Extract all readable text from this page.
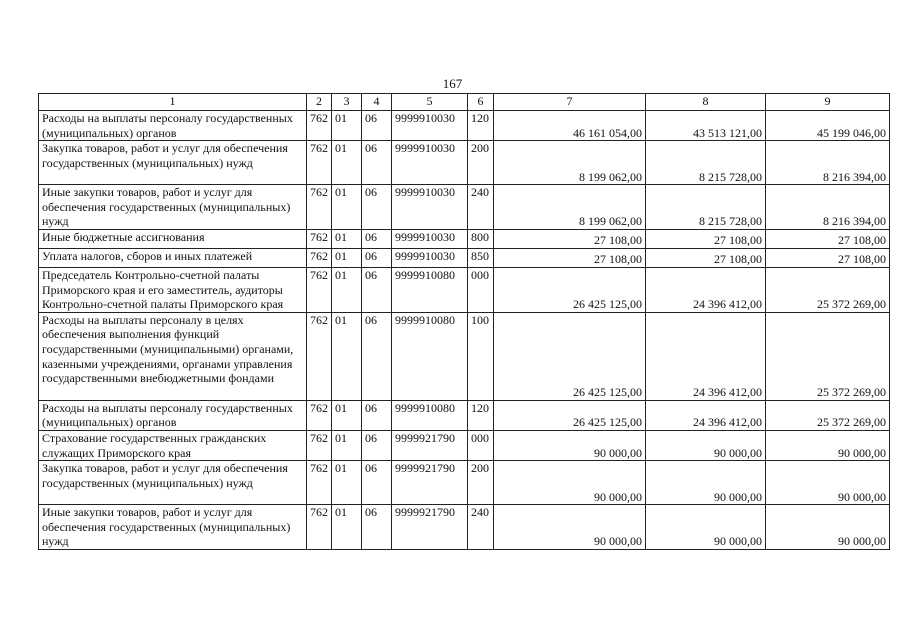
167
1	2	3	4	5	6	7	8	9
Расходы на выплаты персоналу государственных (муниципальных) органов	762	01	06	9999910030	120	46 161 054,00	43 513 121,00	45 199 046,00
Закупка товаров, работ и услуг для обеспечения государственных (муниципальных) нужд	762	01	06	9999910030	200	8 199 062,00	8 215 728,00	8 216 394,00
Иные закупки товаров, работ и услуг для обеспечения государственных (муниципальных) нужд	762	01	06	9999910030	240	8 199 062,00	8 215 728,00	8 216 394,00
Иные бюджетные ассигнования	762	01	06	9999910030	800	27 108,00	27 108,00	27 108,00
Уплата налогов, сборов и иных платежей	762	01	06	9999910030	850	27 108,00	27 108,00	27 108,00
Председатель Контрольно-счетной палаты Приморского края и его заместитель, аудиторы Контрольно-счетной палаты Приморского края	762	01	06	9999910080	000	26 425 125,00	24 396 412,00	25 372 269,00
Расходы на выплаты персоналу в целях обеспечения выполнения функций государственными (муниципальными) органами, казенными учреждениями, органами управления государственными внебюджетными фондами	762	01	06	9999910080	100	26 425 125,00	24 396 412,00	25 372 269,00
Расходы на выплаты персоналу государственных (муниципальных) органов	762	01	06	9999910080	120	26 425 125,00	24 396 412,00	25 372 269,00
Страхование государственных гражданских служащих Приморского края	762	01	06	9999921790	000	90 000,00	90 000,00	90 000,00
Закупка товаров, работ и услуг для обеспечения государственных (муниципальных) нужд	762	01	06	9999921790	200	90 000,00	90 000,00	90 000,00
Иные закупки товаров, работ и услуг для обеспечения государственных (муниципальных) нужд	762	01	06	9999921790	240	90 000,00	90 000,00	90 000,00
